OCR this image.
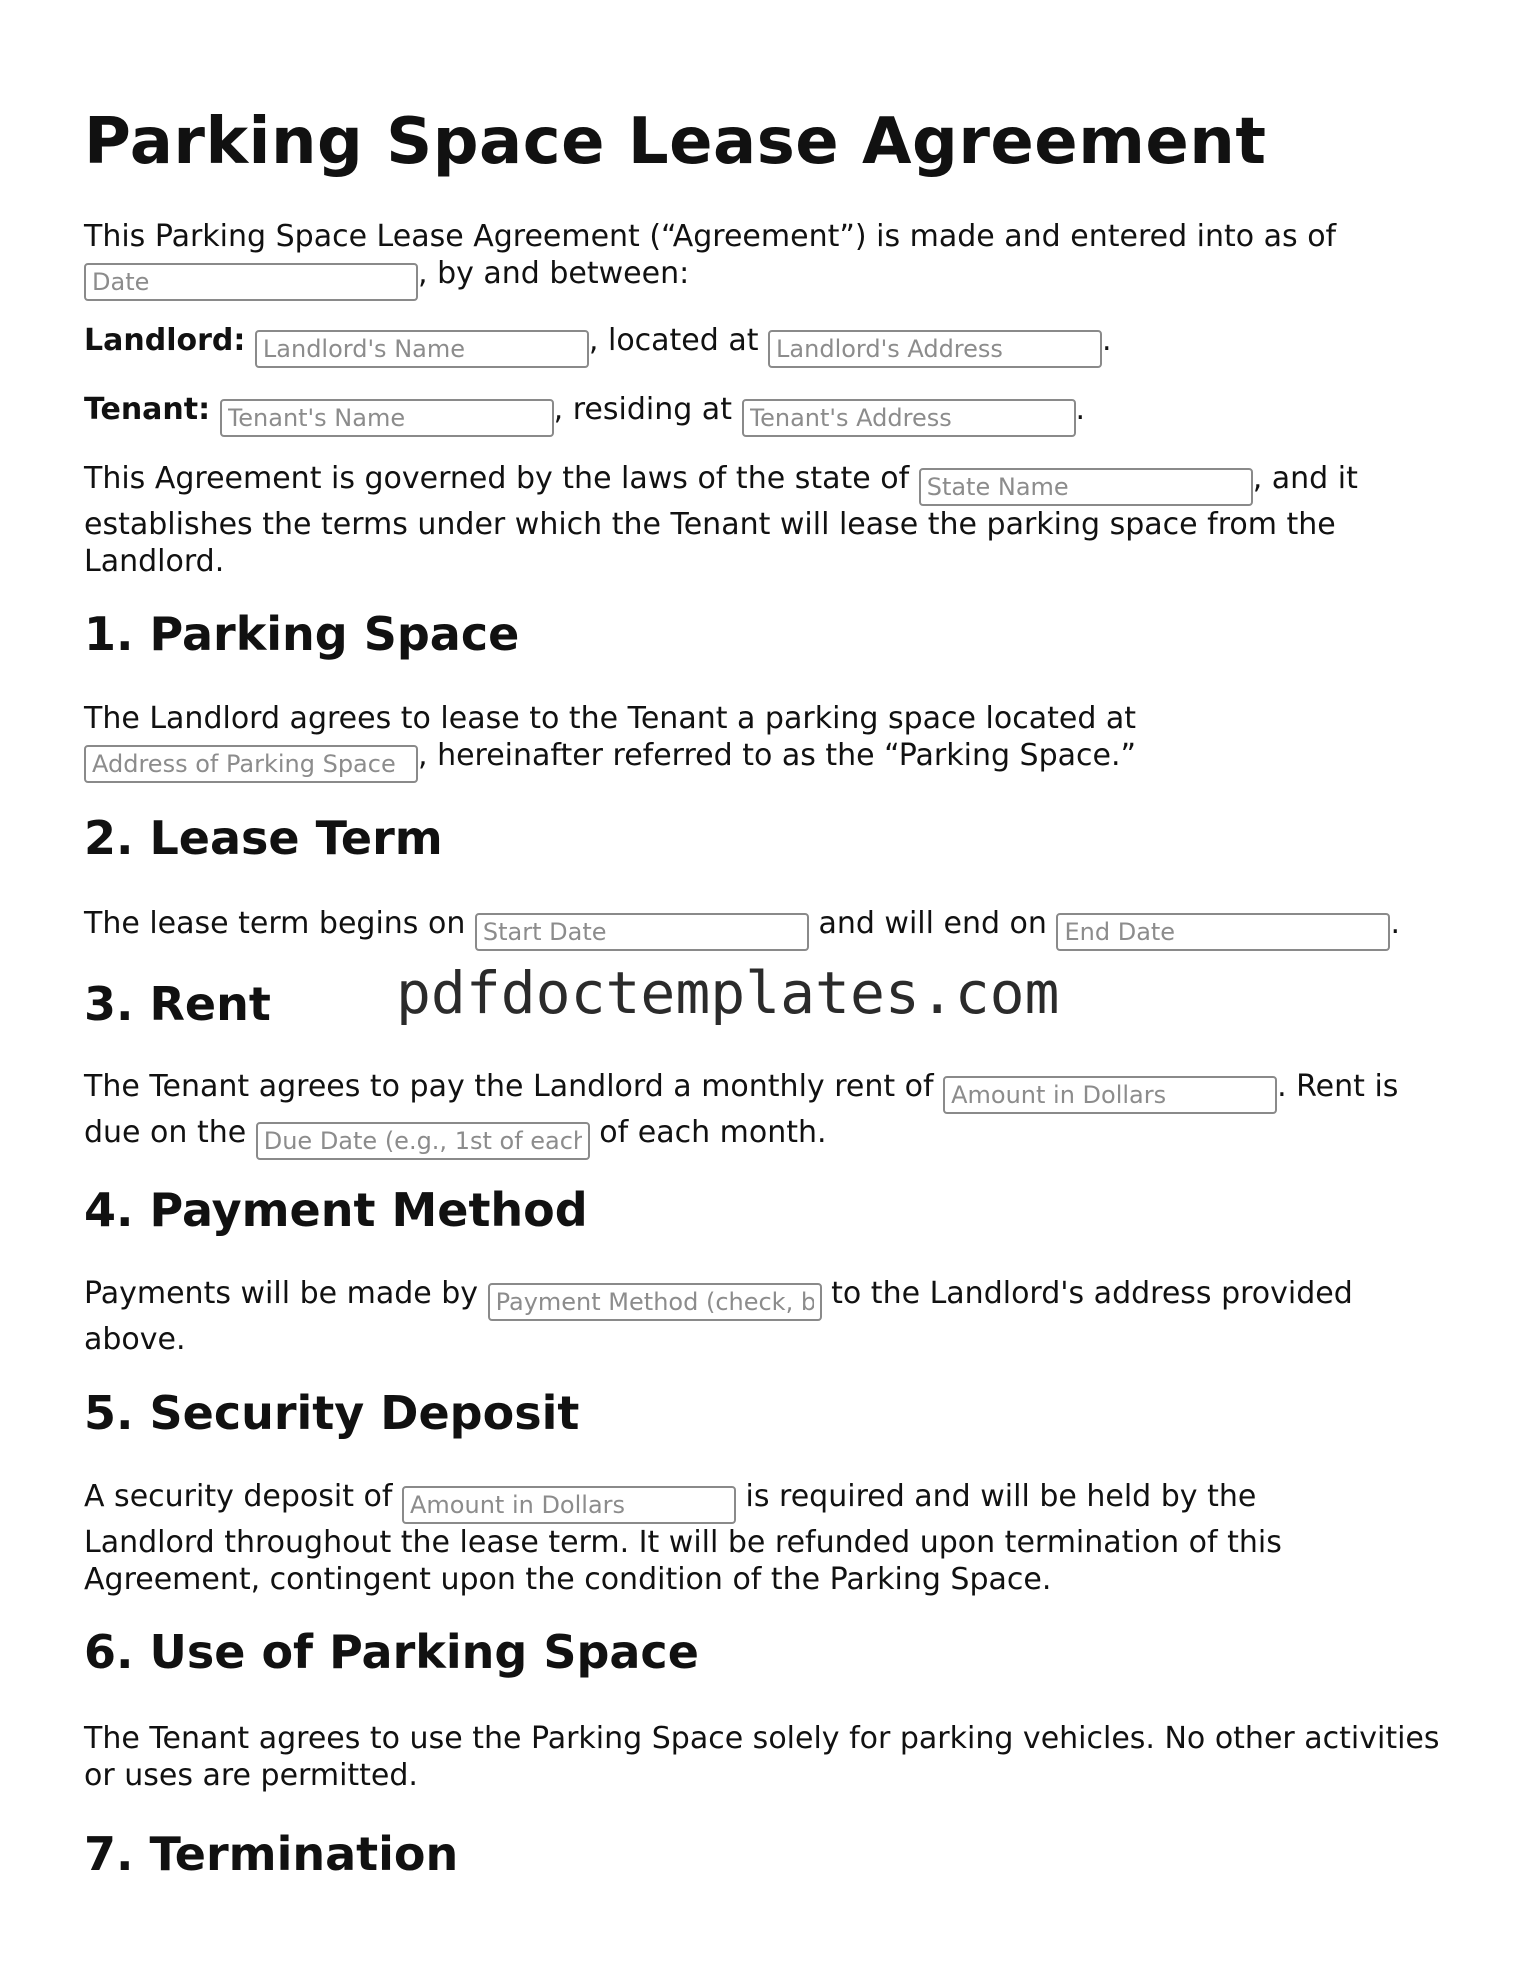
Parking Space Lease Agreement

This Parking Space Lease Agreement (“Agreement”) is made and entered into as of
Date, by and between:

Landlord: Landlord's Name	, located at Landlord's Address	.

Tenant: Tenant's Name	, residing at Tenant's Address	.

This Agreement is governed by the laws of the state of State Name	, and it establishes the terms under which the Tenant will lease the parking space from the Landlord.

1. Parking Space

The Landlord agrees to lease to the Tenant a parking space located at
Address of Parking Space, hereinafter referred to as the “Parking Space.”

2. Lease Term

The lease term begins on Start Date	and will end on End Date	.

3. Rent

The Tenant agrees to pay the Landlord a monthly rent of Amount in Dollars	. Rent is due on the Due Date (e.g., 1st of each month)	of each month.

4. Payment Method

Payments will be made by Payment Method (check, bank transfer, etc.)	to the Landlord's address provided above.

5. Security Deposit

A security deposit of Amount in Dollars	is required and will be held by the Landlord throughout the lease term. It will be refunded upon termination of this Agreement, contingent upon the condition of the Parking Space.

6. Use of Parking Space

The Tenant agrees to use the Parking Space solely for parking vehicles. No other activities or uses are permitted.

7. Termination
pdfdoctemplates.com
